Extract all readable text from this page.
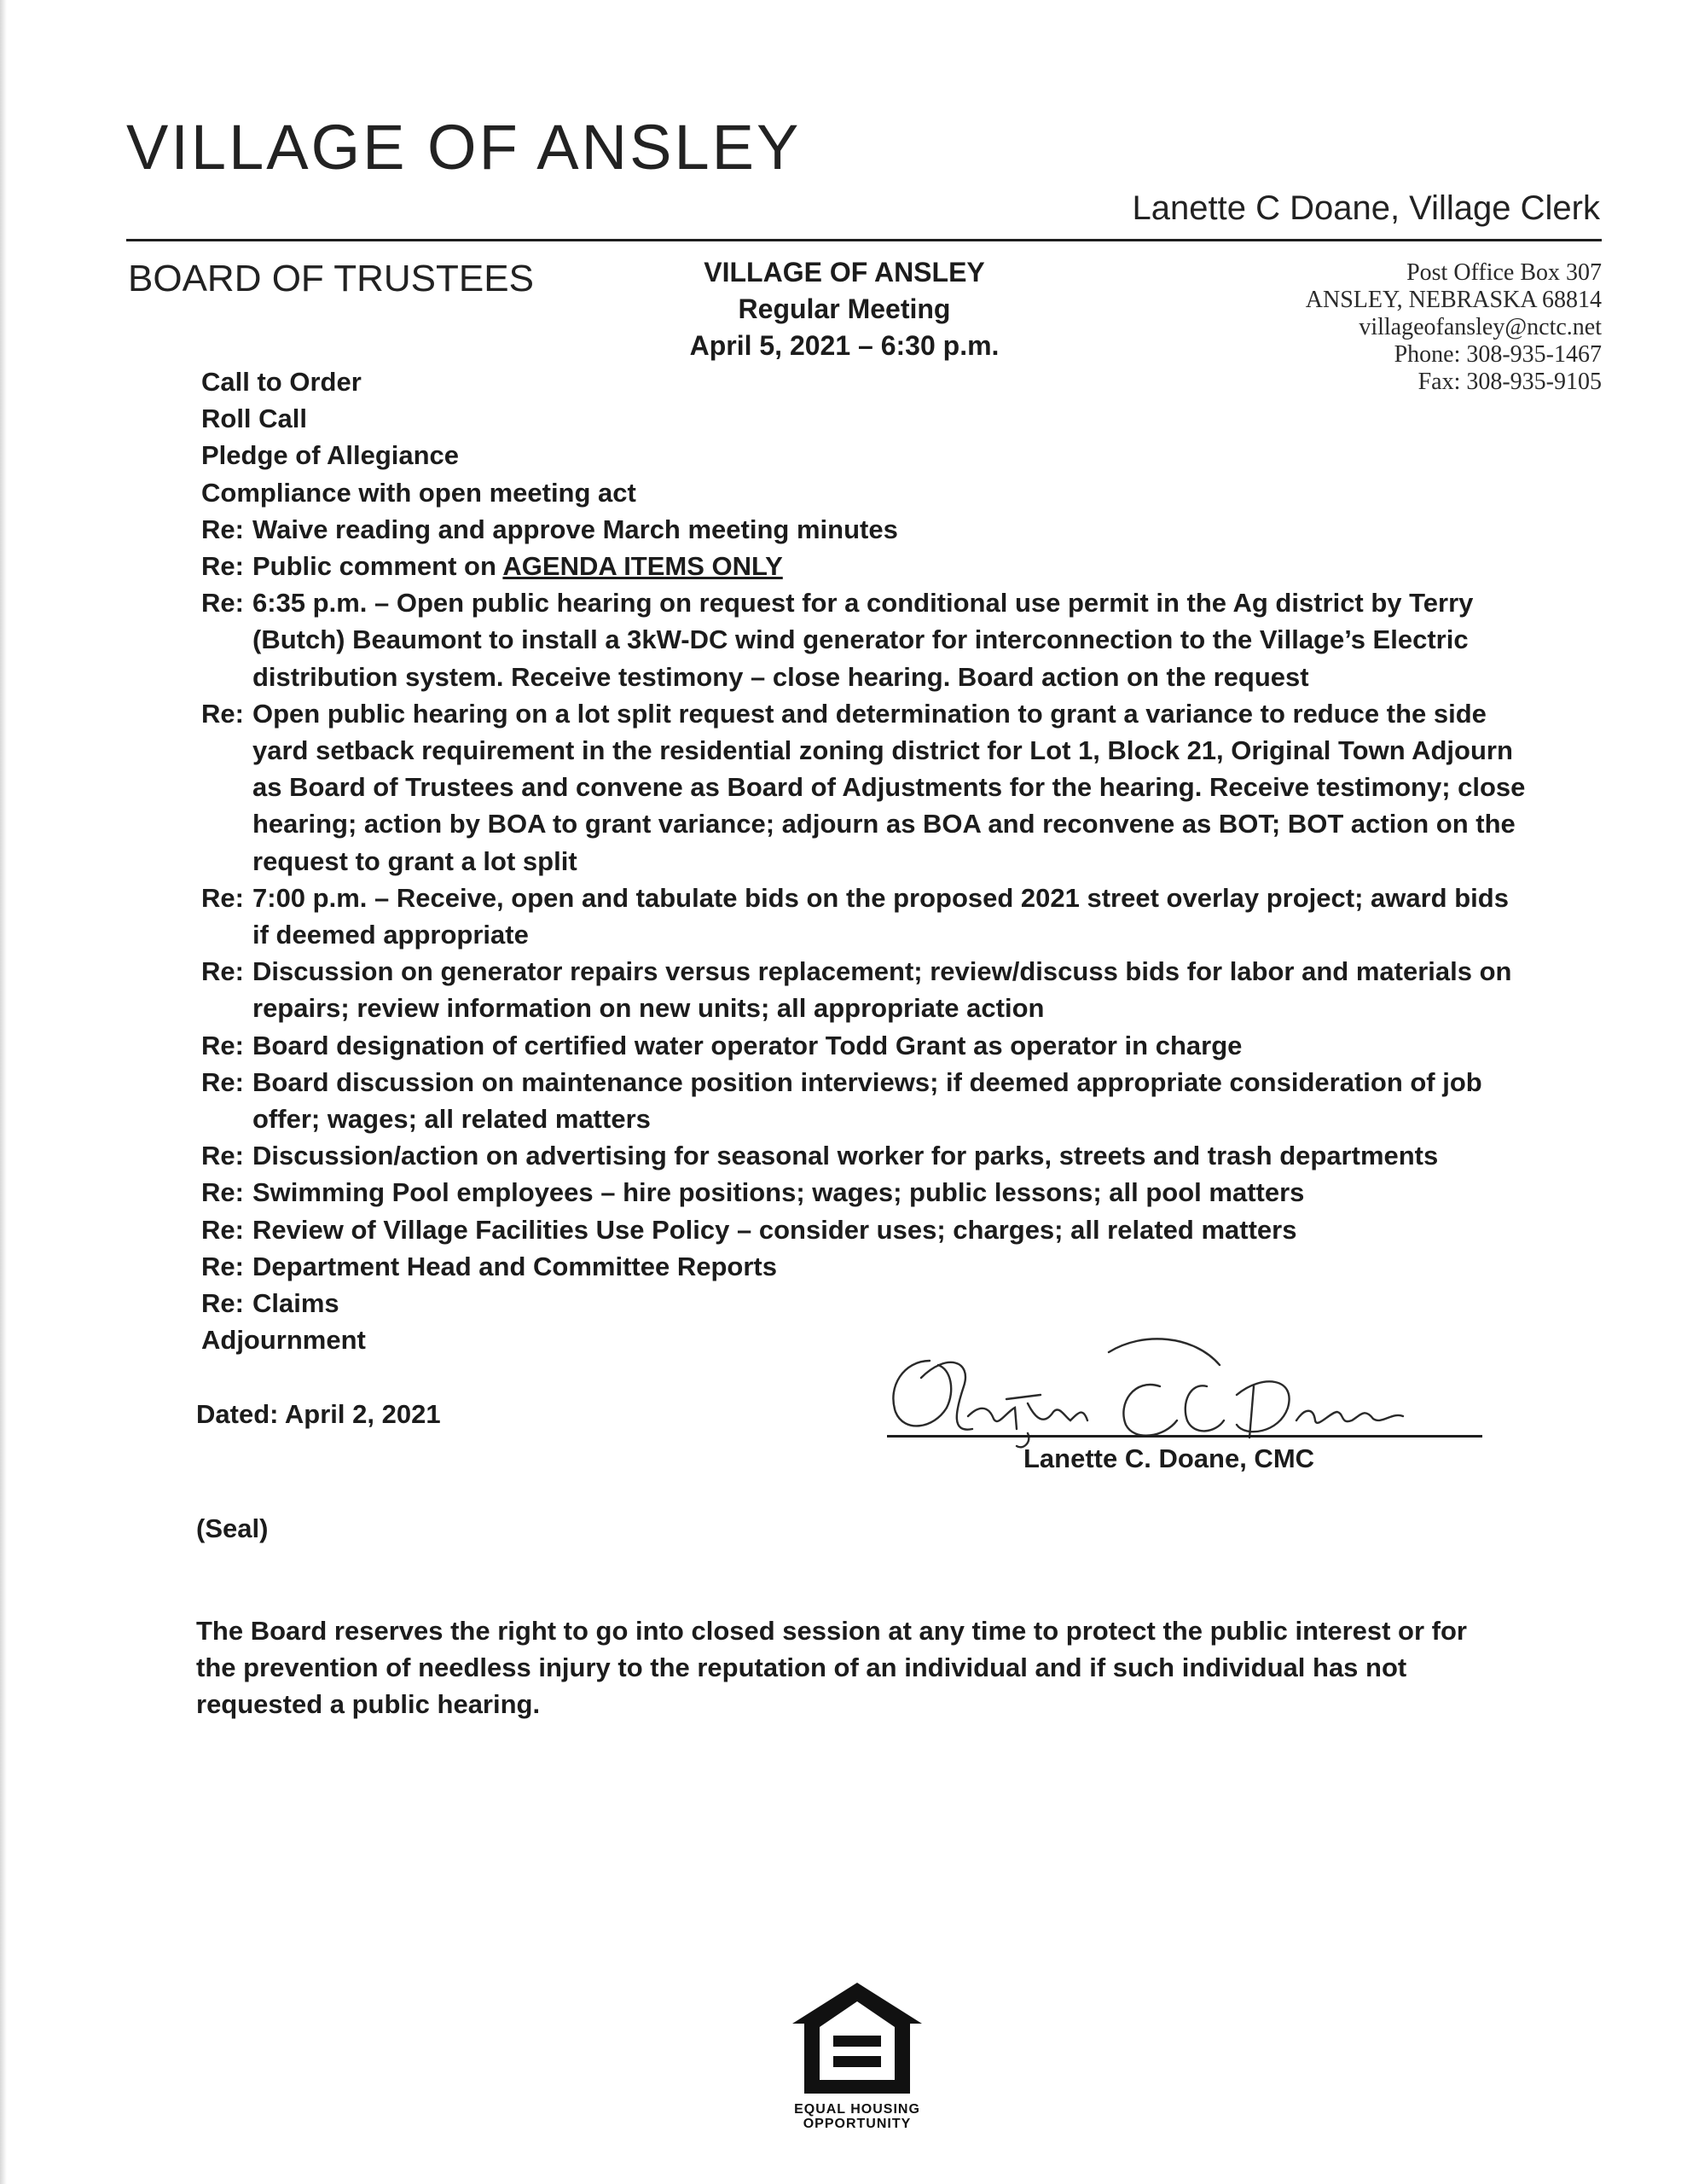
VILLAGE OF ANSLEY
Lanette C Doane, Village Clerk
BOARD OF TRUSTEES	VILLAGE OF ANSLEY
Regular Meeting
April 5, 2021 – 6:30 p.m.
Post Office Box 307
ANSLEY, NEBRASKA 68814
villageofansley@nctc.net
Phone: 308-935-1467
Fax: 308-935-9105
Call to Order
Roll Call
Pledge of Allegiance
Compliance with open meeting act
Re: Waive reading and approve March meeting minutes
Re: Public comment on AGENDA ITEMS ONLY
Re: 6:35 p.m. – Open public hearing on request for a conditional use permit in the Ag district by Terry (Butch) Beaumont to install a 3kW-DC wind generator for interconnection to the Village’s Electric distribution system. Receive testimony – close hearing. Board action on the request
Re: Open public hearing on a lot split request and determination to grant a variance to reduce the side yard setback requirement in the residential zoning district for Lot 1, Block 21, Original Town Adjourn as Board of Trustees and convene as Board of Adjustments for the hearing. Receive testimony; close hearing; action by BOA to grant variance; adjourn as BOA and reconvene as BOT; BOT action on the request to grant a lot split
Re: 7:00 p.m. – Receive, open and tabulate bids on the proposed 2021 street overlay project; award bids if deemed appropriate
Re: Discussion on generator repairs versus replacement; review/discuss bids for labor and materials on repairs; review information on new units; all appropriate action
Re: Board designation of certified water operator Todd Grant as operator in charge
Re: Board discussion on maintenance position interviews; if deemed appropriate consideration of job offer; wages; all related matters
Re: Discussion/action on advertising for seasonal worker for parks, streets and trash departments
Re: Swimming Pool employees – hire positions; wages; public lessons; all pool matters
Re: Review of Village Facilities Use Policy – consider uses; charges; all related matters
Re: Department Head and Committee Reports
Re: Claims
Adjournment
Dated: April 2, 2021
Lanette C. Doane, CMC
(Seal)
The Board reserves the right to go into closed session at any time to protect the public interest or for the prevention of needless injury to the reputation of an individual and if such individual has not requested a public hearing.
EQUAL HOUSING
OPPORTUNITY
